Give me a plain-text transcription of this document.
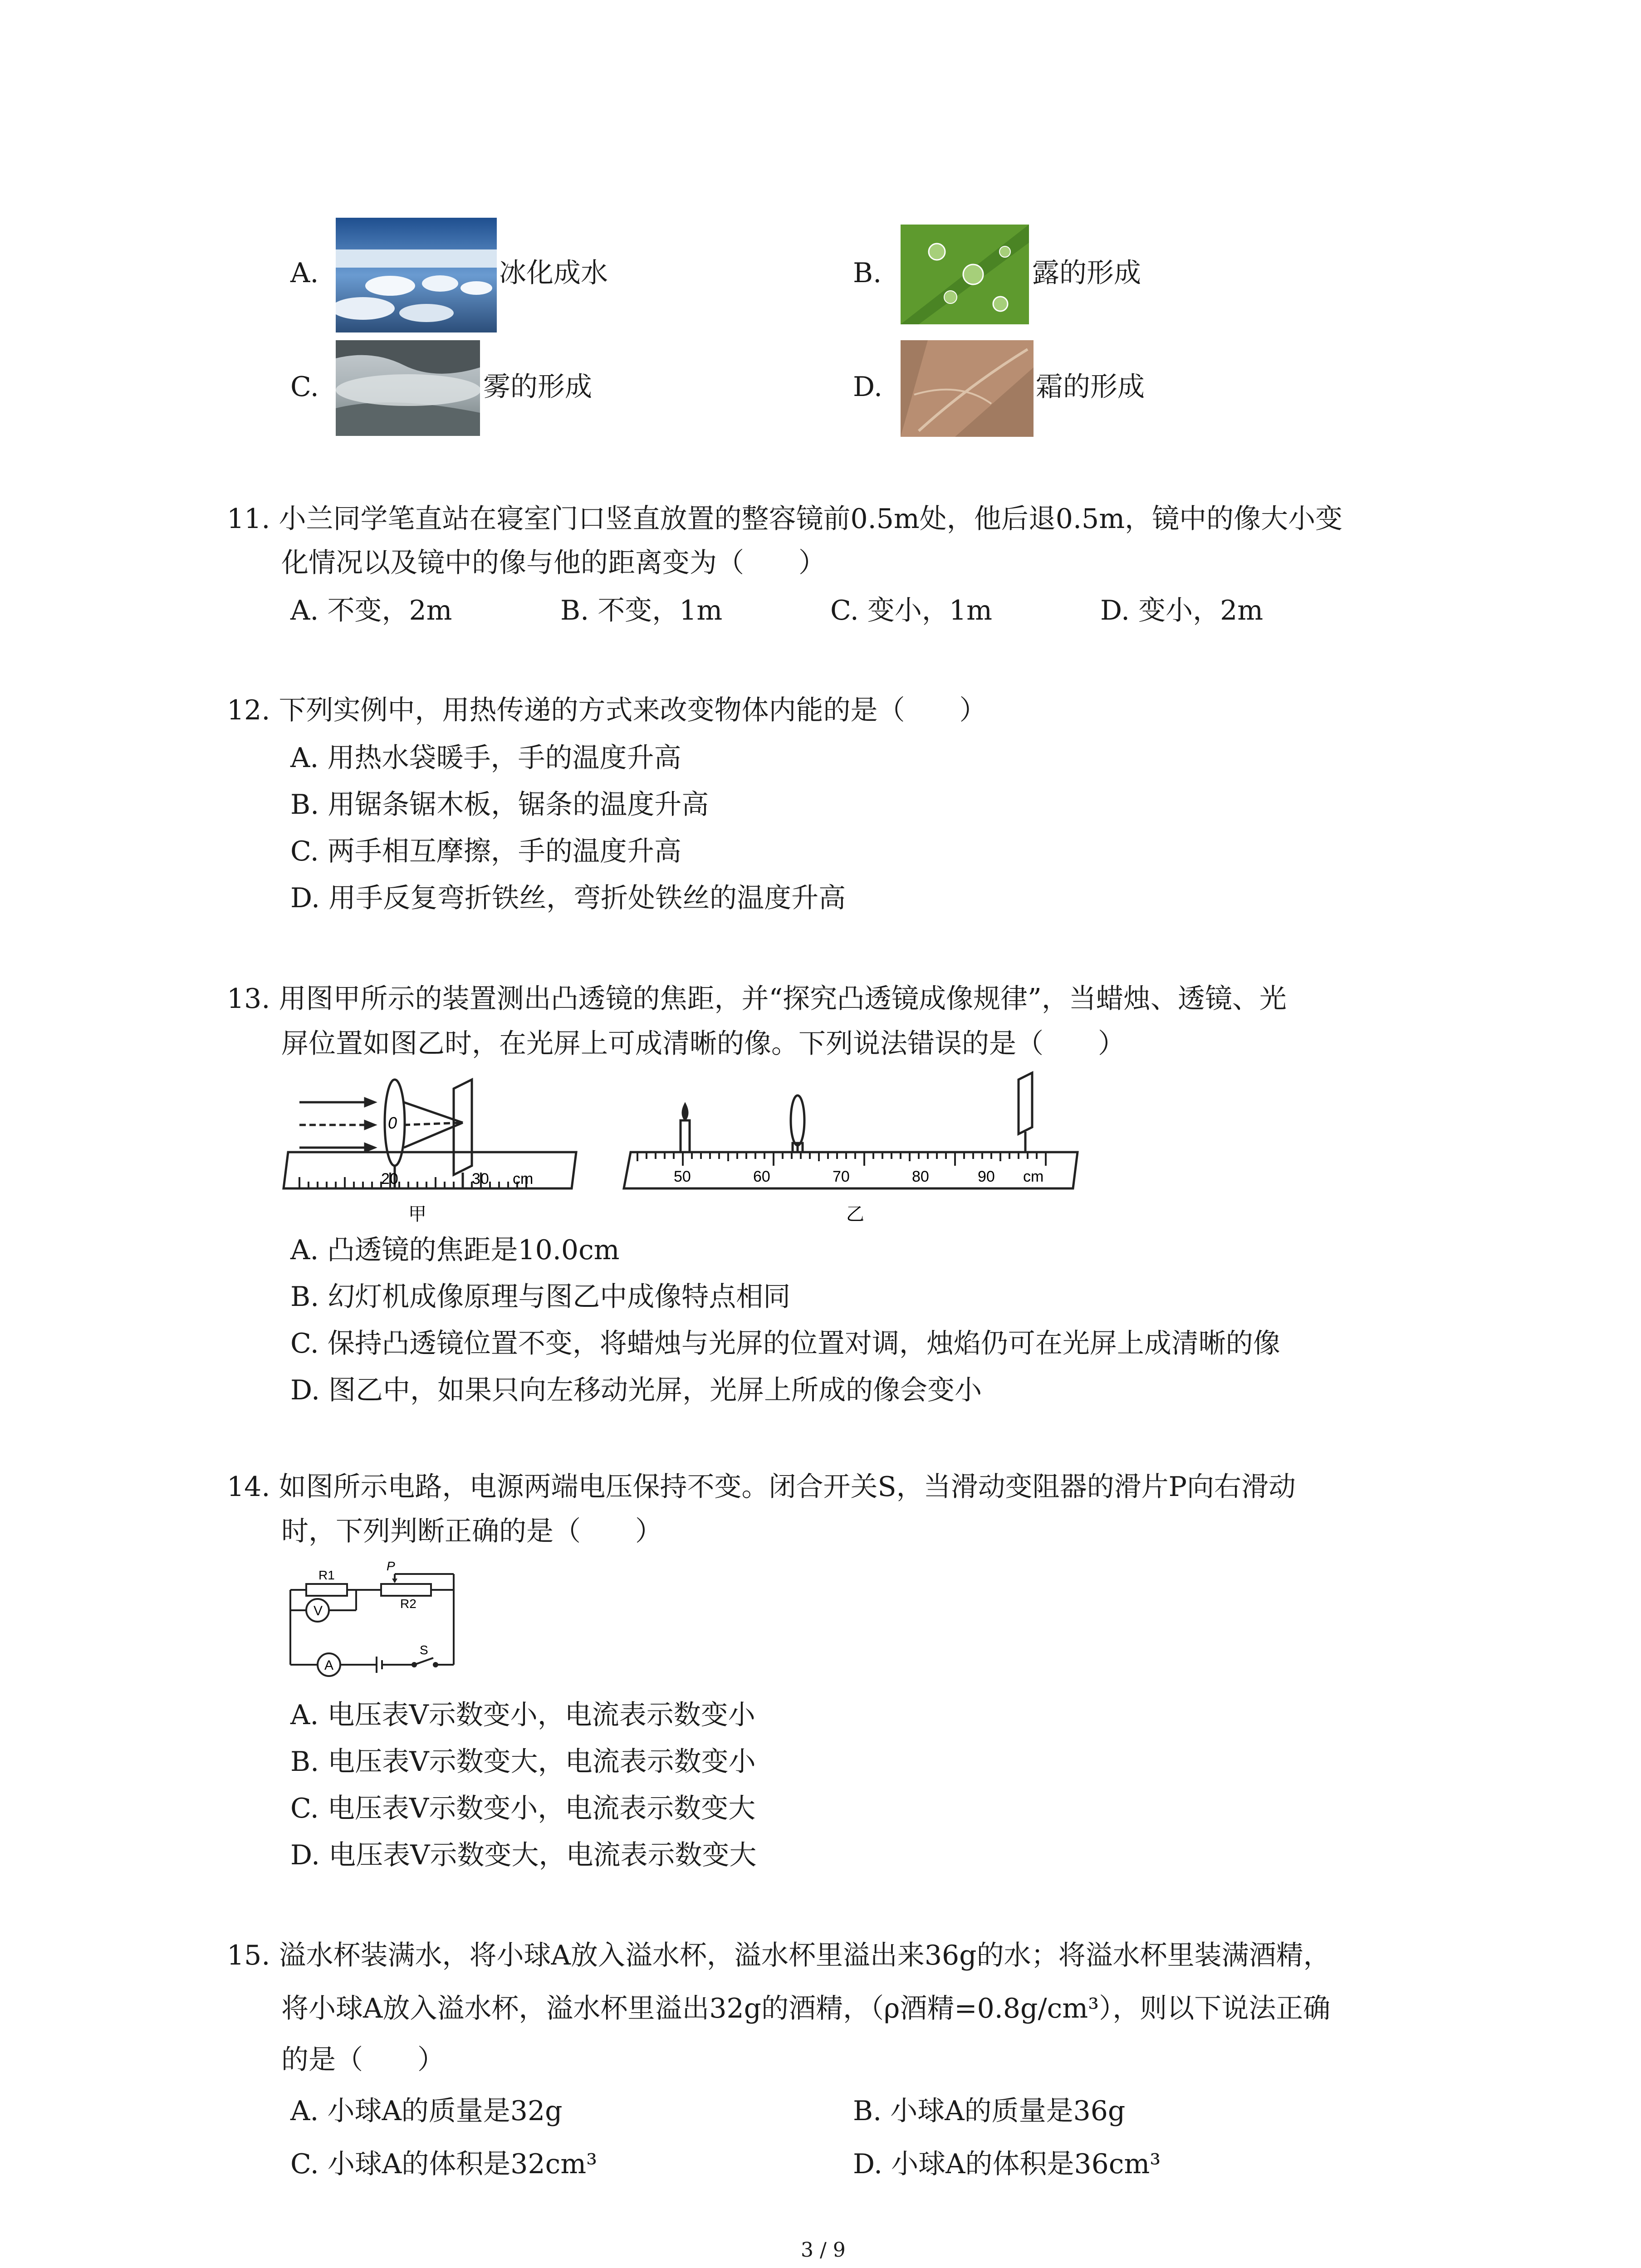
A.	冰化成水	B.	露的形成
C.	雾的形成	D.	霜的形成
11. 小兰同学笔直站在寝室门口竖直放置的整容镜前0.5m处，他后退0.5m，镜中的像大小变
化情况以及镜中的像与他的距离变为（　　）
A. 不变，2m	B. 不变，1m	C. 变小，1m	D. 变小，2m
12. 下列实例中，用热传递的方式来改变物体内能的是（　　）
A. 用热水袋暖手，手的温度升高
B. 用锯条锯木板，锯条的温度升高
C. 两手相互摩擦，手的温度升高
D. 用手反复弯折铁丝，弯折处铁丝的温度升高
13. 用图甲所示的装置测出凸透镜的焦距，并“探究凸透镜成像规律”，当蜡烛、透镜、光
屏位置如图乙时，在光屏上可成清晰的像。下列说法错误的是（　　）
0
20	30 cm
甲
50	60	70	80	90 cm
乙
A. 凸透镜的焦距是10.0cm
B. 幻灯机成像原理与图乙中成像特点相同
C. 保持凸透镜位置不变，将蜡烛与光屏的位置对调，烛焰仍可在光屏上成清晰的像
D. 图乙中，如果只向左移动光屏，光屏上所成的像会变小
14. 如图所示电路，电源两端电压保持不变。闭合开关S，当滑动变阻器的滑片P向右滑动
时，下列判断正确的是（　　）
R1
P
R2
V
A
S
A. 电压表V示数变小，电流表示数变小
B. 电压表V示数变大，电流表示数变小
C. 电压表V示数变小，电流表示数变大
D. 电压表V示数变大，电流表示数变大
15. 溢水杯装满水，将小球A放入溢水杯，溢水杯里溢出来36g的水；将溢水杯里装满酒精，
将小球A放入溢水杯，溢水杯里溢出32g的酒精，（ρ酒精=0.8g/cm³），则以下说法正确
的是（　　）
A. 小球A的质量是32g	B. 小球A的质量是36g
C. 小球A的体积是32cm³	D. 小球A的体积是36cm³
3 / 9
